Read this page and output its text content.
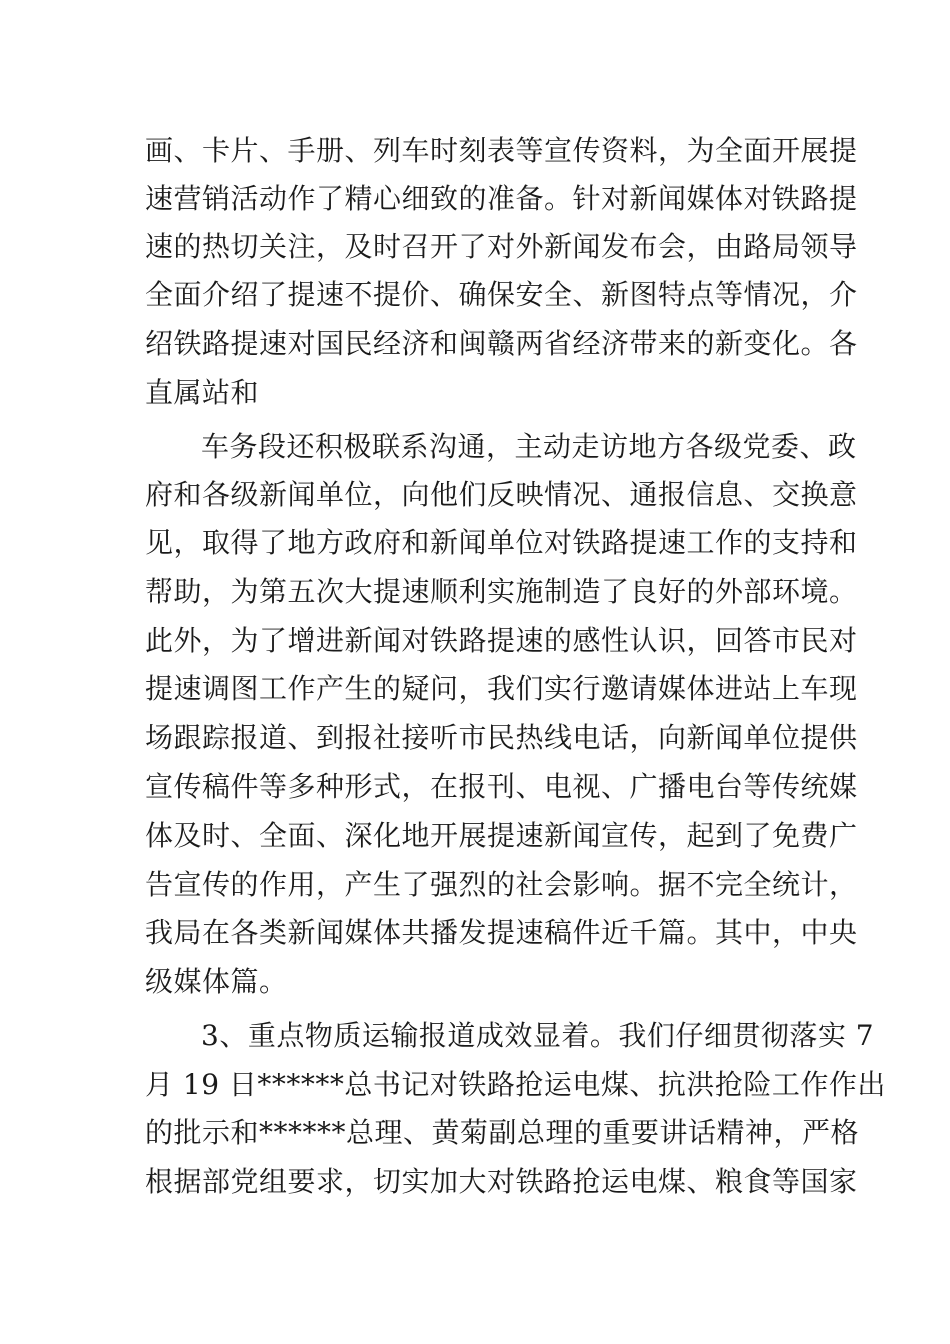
画、卡片、手册、列车时刻表等宣传资料，为全面开展提
速营销活动作了精心细致的准备。针对新闻媒体对铁路提
速的热切关注，及时召开了对外新闻发布会，由路局领导
全面介绍了提速不提价、确保安全、新图特点等情况，介
绍铁路提速对国民经济和闽赣两省经济带来的新变化。各
直属站和
车务段还积极联系沟通，主动走访地方各级党委、政
府和各级新闻单位，向他们反映情况、通报信息、交换意
见，取得了地方政府和新闻单位对铁路提速工作的支持和
帮助，为第五次大提速顺利实施制造了良好的外部环境。
此外，为了增进新闻对铁路提速的感性认识，回答市民对
提速调图工作产生的疑问，我们实行邀请媒体进站上车现
场跟踪报道、到报社接听市民热线电话，向新闻单位提供
宣传稿件等多种形式，在报刊、电视、广播电台等传统媒
体及时、全面、深化地开展提速新闻宣传，起到了免费广
告宣传的作用，产生了强烈的社会影响。据不完全统计，
我局在各类新闻媒体共播发提速稿件近千篇。其中，中央
级媒体篇。
3、重点物质运输报道成效显着。我们仔细贯彻落实 7
月 19 日******总书记对铁路抢运电煤、抗洪抢险工作作出
的批示和******总理、黄菊副总理的重要讲话精神，严格
根据部党组要求，切实加大对铁路抢运电煤、粮食等国家
